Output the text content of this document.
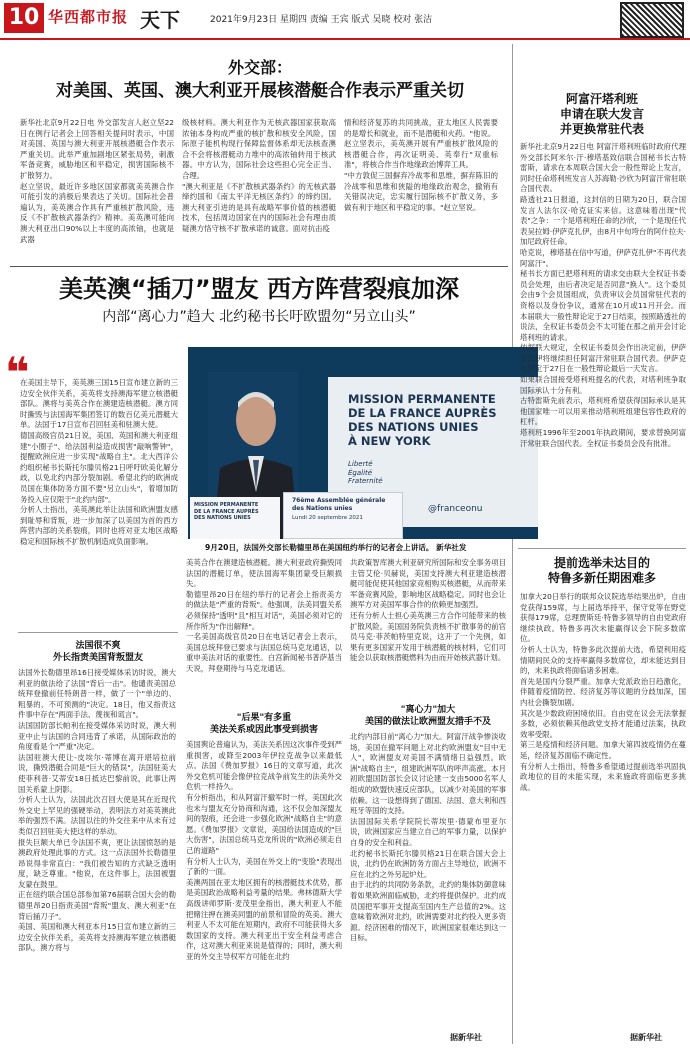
10 华西都市报 天下	2021年9月23日 星期四 责编 王宾 版式 吴晓 校对 张洁
外交部：
对美国、英国、澳大利亚开展核潜艇合作表示严重关切
新华社北京9月22日电 外交部发言人赵立坚22日在例行记者会上回答相关提问时表示，中国对美国、英国与澳大利亚开展核潜艇合作表示严重关切。此举严重加剧地区紧张局势，刺激军备竞赛，威胁地区和平稳定，损害国际核不扩散努力。
赵立坚说，最近许多地区国家都就美英澳合作可能引发的消极后果表达了关切。国际社会普遍认为，美英澳合作具有严重核扩散风险，违反《不扩散核武器条约》精神。美英澳可能向澳大利亚出口90%以上丰度的高浓铀，也就是武器
级核材料。澳大利亚作为无核武器国家获取高浓铀本身构成严重的核扩散和核安全风险，国际原子能机构现行保障监督体系却无法核查澳合不会将核潜艇动力堆中的高浓铀转用于核武器。中方认为，国际社会这些担心完全正当、合理。
"澳大利亚是《不扩散核武器条约》的无核武器缔约国和《南太平洋无核区条约》的缔约国。澳大利亚引进的是具有战略军事价值的核潜艇技术，包括周边国家在内的国际社会有理由质疑澳方恪守核不扩散承诺的诚意。面对抗击疫
情和经济复苏的共同挑战，亚太地区人民需要的是增长和就业，而不是潜艇和火药。"他说。
赵立坚表示，美英澳开展有严重核扩散风险的核潜艇合作，再次证明美、英奉行"双重标准"，将核合作当作地缘政治博弈工具。
"中方敦促三国摒弃冷战零和思维，摒弃陈旧的冷战零和思维和狭隘的地缘政治观念，撤销有关错误决定，忠实履行国际核不扩散义务，多做有利于地区和平稳定的事。"赵立坚说。
美英澳“插刀”盟友 西方阵营裂痕加深
内部“离心力”趋大 北约秘书长吁欧盟勿“另立山头”
❝
在美国主导下，美英澳三国15日宣布建立新的三边安全伙伴关系，美英将支持澳海军建立核潜艇部队。澳将与美英合作在澳建造核潜艇。澳方同时撕毁与法国海军集团签订的数百亿美元潜艇大单。法国于17日宣布召回驻美和驻澳大使。
德国高级官员21日说，美国、英国和澳大利亚组建"小圈子"、给法国利益造成损害"敲响警钟"，提醒欧洲应进一步实现"战略自主"。北大西洋公约组织秘书长斯托尔滕贝格21日呼吁欧美化解分歧，以免北约内部分裂加剧。希望北约的欧洲成员国在集体防务方面不要"另立山头"，着增加防务投入应仅限于"北约内部"。
分析人士指出，美英澳此举让法国和欧洲盟友感到耻辱和背叛，进一步加深了以美国为首的西方阵营内部的关系裂痕，同时也将对亚太地区战略稳定和国际核不扩散机制造成负面影响。
MISSION PERMANENTE
DE LA FRANCE AUPRÈS
DES NATIONS UNIES
À NEW YORK
Liberté
Égalité
Fraternité
@franceonu
76ème Assemblée générale
des Nations unies
Lundi 20 septembre 2021
MISSION PERMANENTE
DE LA FRANCE AUPRÈS
DES NATIONS UNIES
9月20日，法国外交部长勒德里昂在美国纽约举行的记者会上讲话。 新华社发
法国很不爽
外长指责美国背叛盟友
法国外长勒德里昂16日接受媒体采访时说，澳大利亚的做法给了法国"背后一击"。他谴责美国总统拜登撤前任特朗普一样，做了一个"单边的、粗暴的、不可预测的"决定。18日，他又指责这件事中存在"两面手法、蔑视和谎言"。
法国国防部长帕利在接受媒体采访时说，澳大利亚中止与法国的合同违背了承诺，从国际政治的角度看是个"严重"决定。
法国驻澳大使让-皮埃尔·蒂博在离开堪培拉前说，撕毁潜艇合同是"巨大的错误"，法国驻美大使菲利普·艾蒂安18日抵达巴黎前说，此事让两国关系蒙上阴影。
分析人士认为，法国此次召回大使是其在近现代外交史上罕见的强硬举动，表明法方对美英澳此举的强烈不满。法国以往的外交往来中从未有过类似召回驻美大使这样的举动。
报失巨额大单已令法国不爽，更让法国愤怒的是澳政府处理此事的方式。这一点法国外长勒德里昂说得非常直白："我们被告知的方式缺乏透明度，缺乏尊重。"他说，在这件事上，法国被盟友蒙在鼓里。
正在纽约联合国总部参加第76届联合国大会的勒德里昂20日指责美国"背叛"盟友、澳大利亚"在背后捅刀子"。
美国、英国和澳大利亚本月15日宣布建立新的三边安全伙伴关系，美英将支持澳海军建立核潜艇部队，澳方将与
美英合作在澳建造核潜艇。澳大利亚政府撕毁同法国的潜艇订单，使法国海军集团蒙受巨额损失。
勒德里昂20日在纽约举行的记者会上指责美方的做法是"严重的背叛"。他强调，法美同盟关系必须保持"透明"且"相互对话"，美国必须对它的所作所为"作出解释"。
一名美国高级官员20日在电话记者会上表示，美国总统拜登已要求与法国总统马克龙通话，以重申美法对话的重要性。白宫新闻秘书普萨基当天说，拜登期待与马克龙通话。
"后果"有多重
美法关系或因此事受到损害
美国舆论普遍认为，美法关系因这次事件受到严重损害，或降至2003年伊拉克战争以来最低点。法国《费加罗报》16日的文章写道，此次外交危机可能会像伊拉克战争前发生的法美外交危机一样持久。
有分析指出，和从阿富汗撤军时一样，美国此次也未与盟友充分协商和沟通，这不仅会加深盟友间的裂痕，还会进一步强化欧洲"战略自主"的意愿。《费加罗报》文章说，美国给法国造成的"巨大伤害"，法国总统马克龙所说的"欧洲必须走自己的道路"
有分析人士认为，美国在外交上的"变脸"表现出了新的一面。
美澳两国在亚太地区拥有的核潜艇技术优势，都是美国政治战略利益考量的结果。弗林德斯大学高级讲师罗斯·麦茂里金指出，澳大利亚人不能把赌注押在澳美同盟的前景和冒险的英美。澳大利亚人不太可能在短期内，政府不可能获得大多数国家的支持。澳大利亚出于安全利益考虑合作，这对澳大利亚来说是值得的；同时，澳大利亚的外交主导权军方可能在北约
共政策智库澳大利亚研究所国际和安全事务项目主管艾伦·贝赫说，美国支持澳大利亚建造核潜艇可能促使其他国家竞相购买核潜艇，从而带来军备竞赛风险，影响地区战略稳定。同时也会让澳军方对美国军事合作的依赖更加强烈。
还有分析人士担心美英澳三方合作可能带来的核扩散风险。美国国务院负责核不扩散事务的前官员马克·菲茨帕特里克说，这开了一个先例，如果有更多国家开发用于核潜艇的核材料，它们可能会以获取核潜艇燃料为由而开始核武器计划。
"离心力"加大
美国的做法让欧洲盟友措手不及
北约内部目前"离心力"加大。阿富汗战争惨淡收场，美国在撤军问题上对北约欧洲盟友"目中无人"，欧洲盟友对美国不满情绪日益强烈。欧洲"战略自主"，组建欧洲军队的呼声高涨。本月初欧盟国防部长会议讨论建一支由5000名军人组成的欧盟快速反应部队，以减少对美国的军事依赖。这一设想得到了德国、法国、意大利和西班牙等国的支持。
法国国际关系学院院长蒂埃里·德蒙布里亚尔说，欧洲国家应当建立自己的军事力量，以保护自身的安全和利益。
北约秘书长斯托尔滕贝格21日在联合国大会上说，北约仍在欧洲防务方面占主导地位，欧洲不应在北约之外另起炉灶。
由于北约的共同防务条款，北约的集体防御意味着如果欧洲面临威胁，北约将提供保护。北约成员国把军事开支提高至国内生产总值的2%。这意味着欧洲对北约，欧洲需要对北约投入更多资源。经济困难的情况下，欧洲国家很难达到这一目标。
据新华社
阿富汗塔利班
申请在联大发言
并更换常驻代表
新华社北京9月22日电 阿富汗塔利班临时政府代理外交部长阿米尔·汗·穆塔基致信联合国秘书长古特雷斯，请求在本周联合国大会一般性辩论上发言，同时任命塔利班发言人苏海勒·沙欣为阿富汗常驻联合国代表。
路透社21日报道，这封信的日期为20日，联合国发言人法尔汉·哈克证实来信。这意味着出现"代表"之争：一个是塔利班任命的沙欣，一个是现任代表吴拉姆·伊萨克扎伊，由8月中旬垮台的阿什拉夫·加尼政府任命。
哈克说，穆塔基在信中写道，伊萨克扎伊"不再代表阿富汗"。
秘书长方面已把塔利班的请求交由联大全权证书委员会处理，由后者决定是否同意"换人"。这个委员会由9个会员国组成，负责审议会员国常驻代表的资格以及身份争议，通常在10月或11月开会。而本届联大一般性辩论定于27日结束，按照路透社的说法，全权证书委员会不太可能在那之前开会讨论塔利班的请求。
依据联大规定，全权证书委员会作出决定前，伊萨克扎伊将继续担任阿富汗常驻联合国代表。伊萨克扎伊定于27日在一般性辩论最后一天发言。
如果联合国接受塔利班提名的代表，对塔利班争取国际承认十分有利。
古特雷斯先前表示，塔利班希望获得国际承认是其他国家唯一可以用来推动塔利班组建包容性政府的杠杆。
塔利班1996年至2001年执政期间，要求替换阿富汗常驻联合国代表。全权证书委员会没有批准。
提前选举未达目的
特鲁多新任期困难多
加拿大20日举行的联邦众议院选举结果出炉，自由党获得159席，与上届选举持平，保守党等在野党获得179席，总理贾斯廷·特鲁多领导的自由党政府继续执政。特鲁多再次未能赢得议会下院多数席位。
分析人士认为，特鲁多此次提前大选，希望利用疫情期间民众的支持率赢得多数席位，却未能达到目的，未来执政将面临诸多困难。
首先是国内分裂严重。加拿大党派政治日趋激化，伴随着疫情防控、经济复苏等议题的分歧加深，国内社会撕裂加剧。
其次是少数政府困境依旧。自由党在议会无法掌握多数，必须依赖其他政党支持才能通过法案，执政效率受限。
第三是疫情和经济问题。加拿大第四波疫情仍在蔓延，经济复苏面临不确定性。
有分析人士指出，特鲁多希望通过提前选举巩固执政地位的目的未能实现，未来施政将面临更多挑战。
据新华社
